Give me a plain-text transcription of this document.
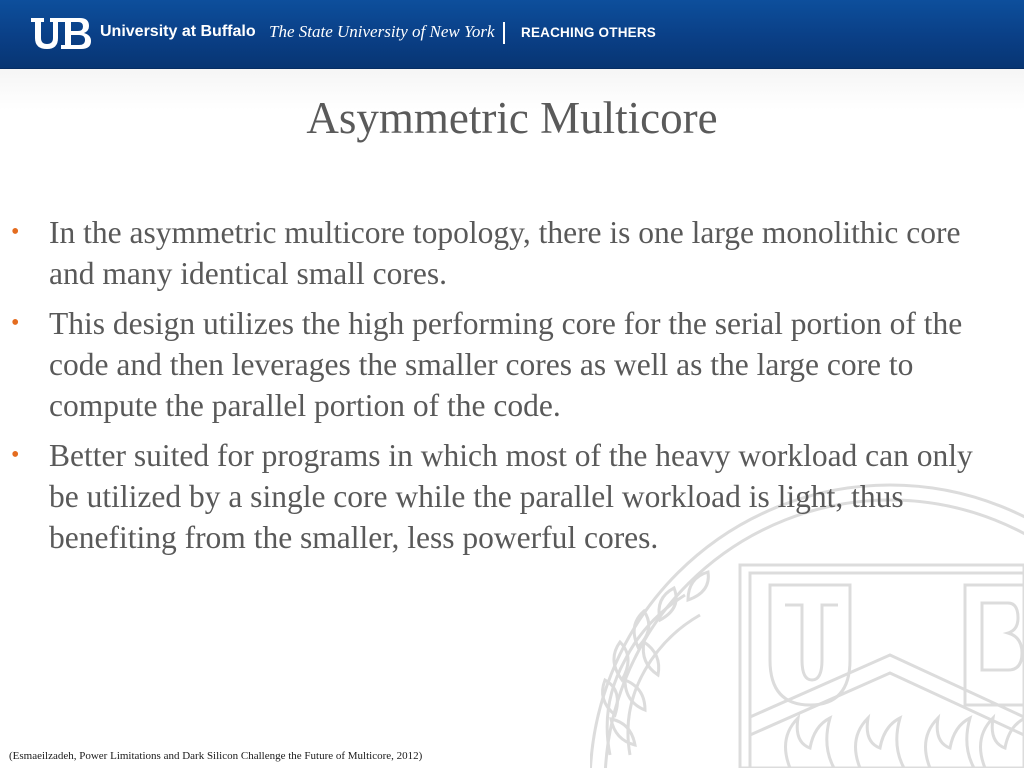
University at Buffalo The State University of New York REACHING OTHERS
Asymmetric Multicore
• In the asymmetric multicore topology, there is one large monolithic core and many identical small cores.
• This design utilizes the high performing core for the serial portion of the code and then leverages the smaller cores as well as the large core to compute the parallel portion of the code.
• Better suited for programs in which most of the heavy workload can only be utilized by a single core while the parallel workload is light, thus benefiting from the smaller, less powerful cores.
(Esmaeilzadeh, Power Limitations and Dark Silicon Challenge the Future of Multicore, 2012)
